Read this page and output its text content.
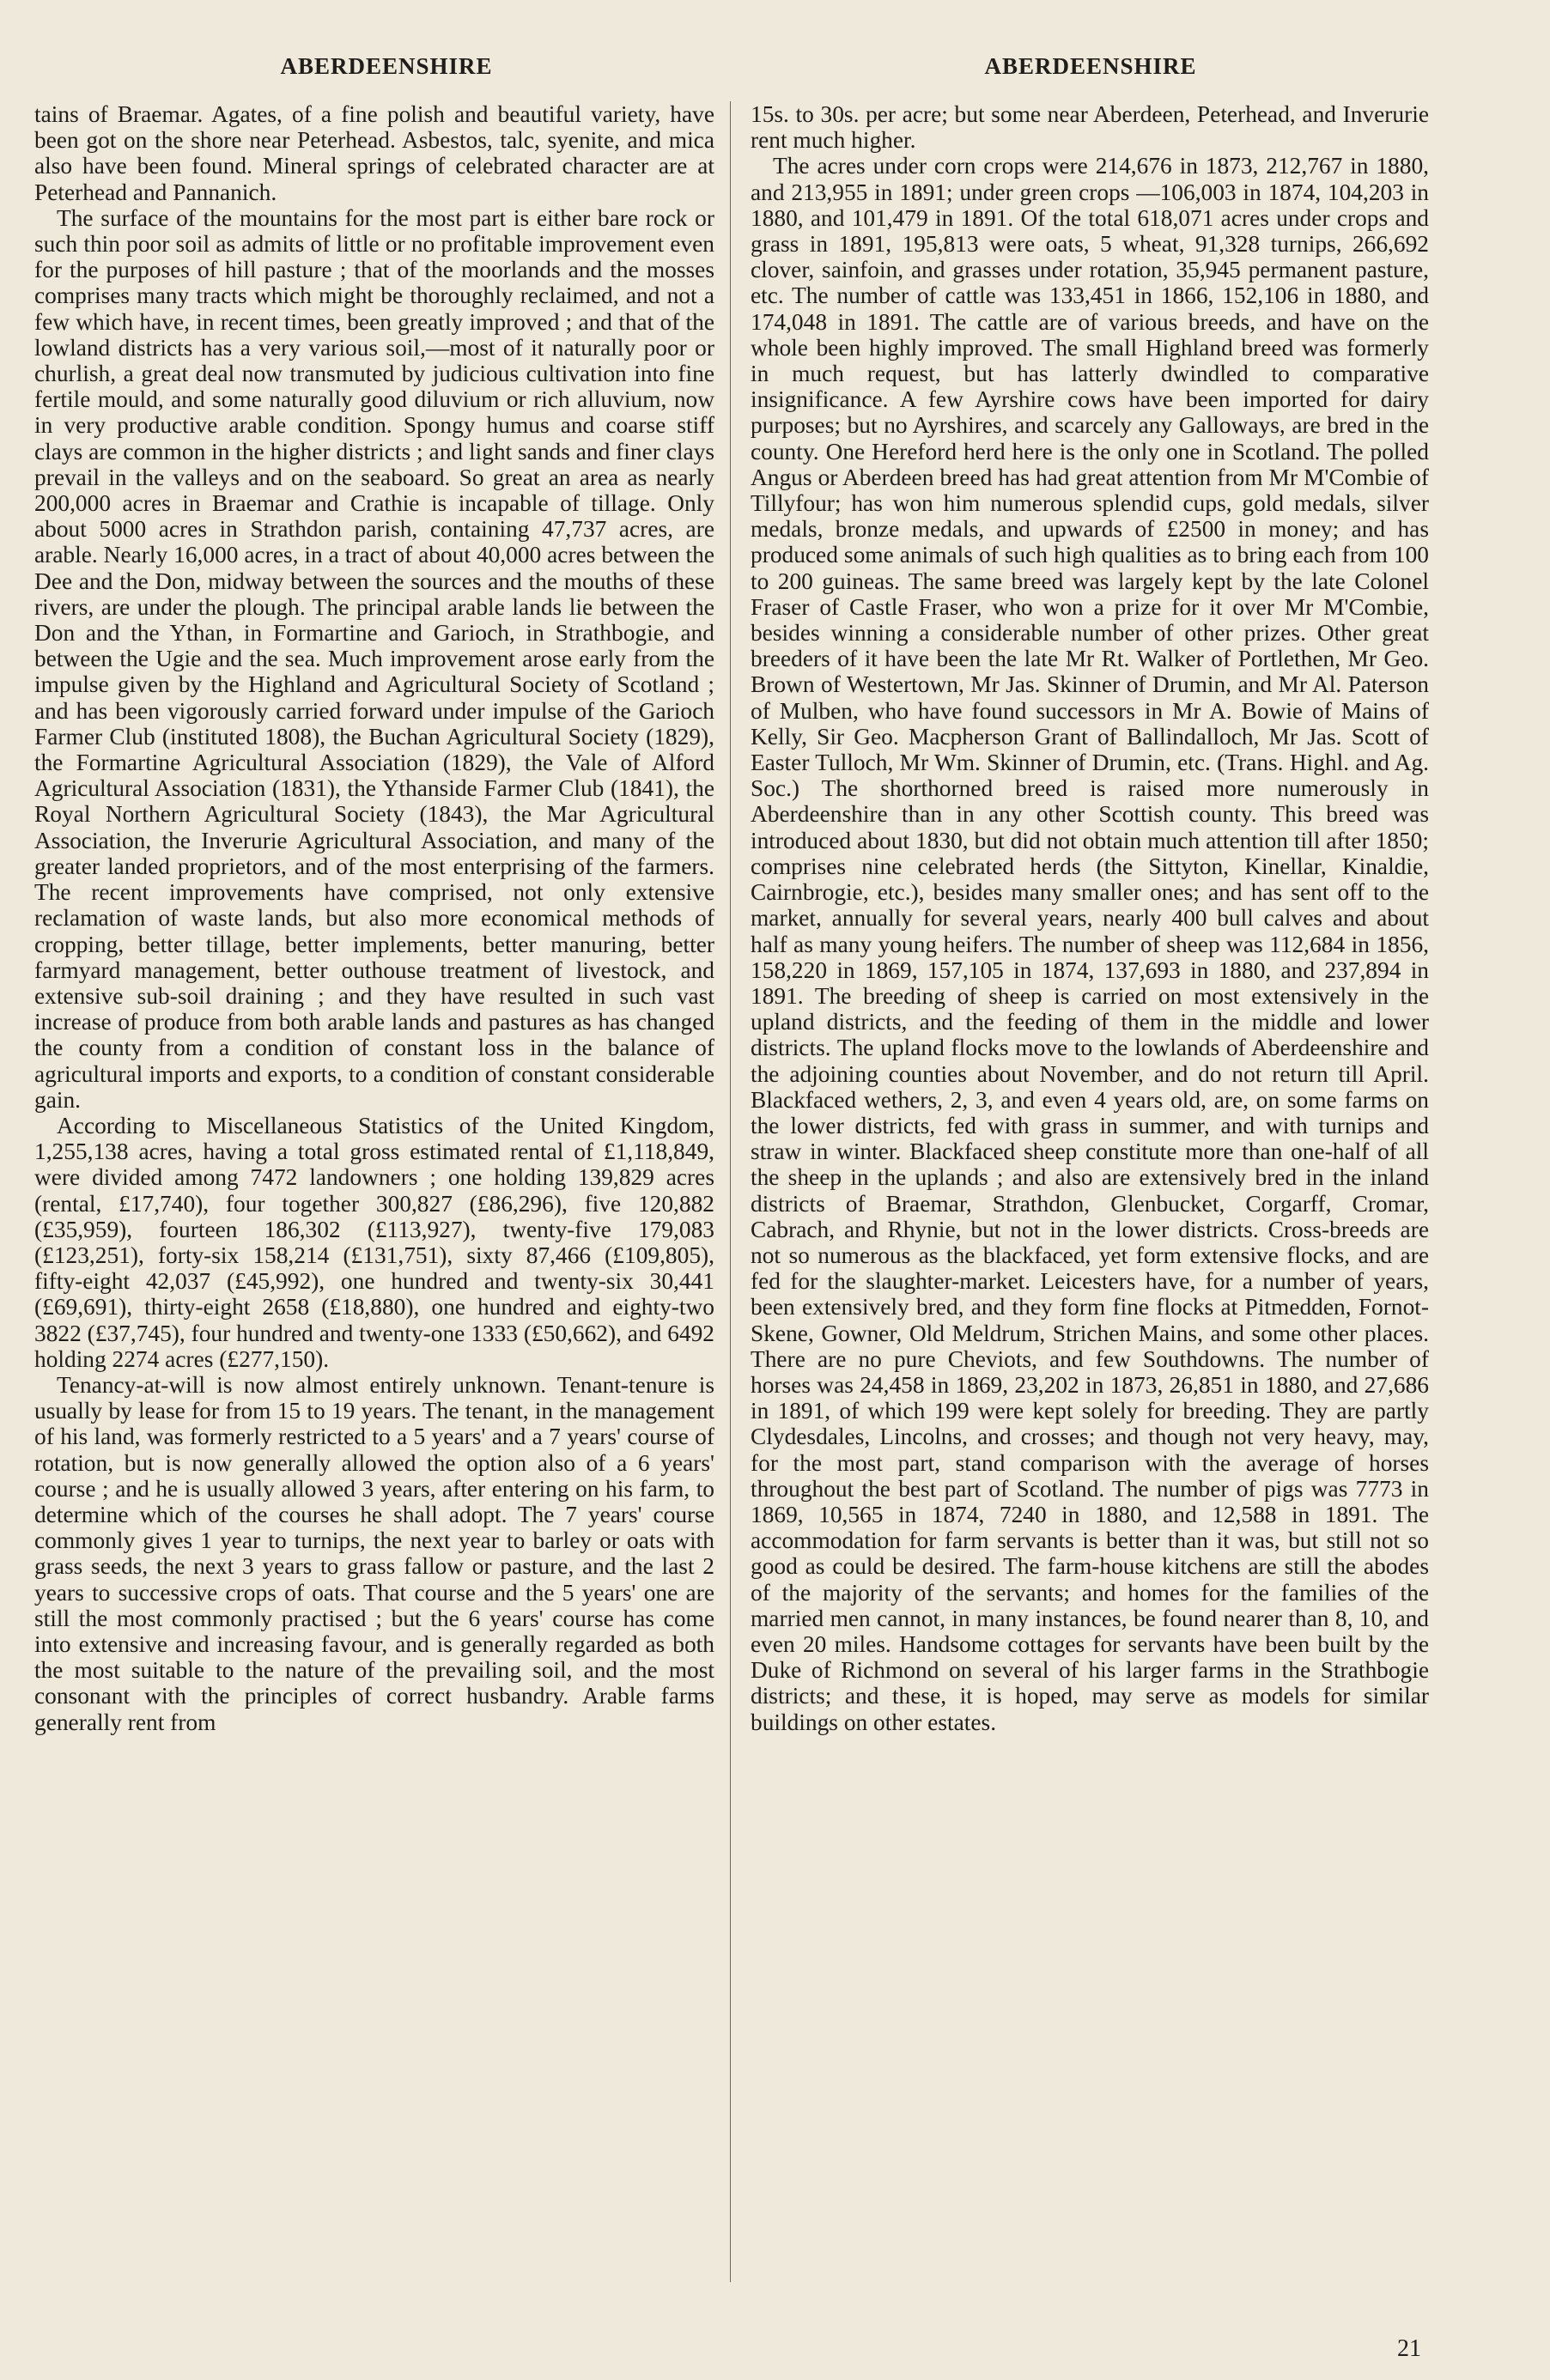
ABERDEENSHIRE	ABERDEENSHIRE

tains of Braemar. Agates, of a fine polish and beautiful variety, have been got on the shore near Peterhead. Asbestos, talc, syenite, and mica also have been found. Mineral springs of celebrated character are at Peterhead and Pannanich.

The surface of the mountains for the most part is either bare rock or such thin poor soil as admits of little or no profitable improvement even for the purposes of hill pasture ; that of the moorlands and the mosses comprises many tracts which might be thoroughly reclaimed, and not a few which have, in recent times, been greatly improved ; and that of the lowland districts has a very various soil,—most of it naturally poor or churlish, a great deal now transmuted by judicious cultivation into fine fertile mould, and some naturally good diluvium or rich alluvium, now in very productive arable condition. Spongy humus and coarse stiff clays are common in the higher districts ; and light sands and finer clays prevail in the valleys and on the seaboard. So great an area as nearly 200,000 acres in Braemar and Crathie is incapable of tillage. Only about 5000 acres in Strathdon parish, containing 47,737 acres, are arable. Nearly 16,000 acres, in a tract of about 40,000 acres between the Dee and the Don, midway between the sources and the mouths of these rivers, are under the plough. The principal arable lands lie between the Don and the Ythan, in Formartine and Garioch, in Strathbogie, and between the Ugie and the sea. Much improvement arose early from the impulse given by the Highland and Agricultural Society of Scotland ; and has been vigorously carried forward under impulse of the Garioch Farmer Club (instituted 1808), the Buchan Agricultural Society (1829), the Formartine Agricultural Association (1829), the Vale of Alford Agricultural Association (1831), the Ythanside Farmer Club (1841), the Royal Northern Agricultural Society (1843), the Mar Agricultural Association, the Inverurie Agricultural Association, and many of the greater landed proprietors, and of the most enterprising of the farmers. The recent improvements have comprised, not only extensive reclamation of waste lands, but also more economical methods of cropping, better tillage, better implements, better manuring, better farmyard management, better outhouse treatment of livestock, and extensive sub-soil draining ; and they have resulted in such vast increase of produce from both arable lands and pastures as has changed the county from a condition of constant loss in the balance of agricultural imports and exports, to a condition of constant considerable gain.

According to Miscellaneous Statistics of the United Kingdom, 1,255,138 acres, having a total gross estimated rental of £1,118,849, were divided among 7472 landowners ; one holding 139,829 acres (rental, £17,740), four together 300,827 (£86,296), five 120,882 (£35,959), fourteen 186,302 (£113,927), twenty-five 179,083 (£123,251), forty-six 158,214 (£131,751), sixty 87,466 (£109,805), fifty-eight 42,037 (£45,992), one hundred and twenty-six 30,441 (£69,691), thirty-eight 2658 (£18,880), one hundred and eighty-two 3822 (£37,745), four hundred and twenty-one 1333 (£50,662), and 6492 holding 2274 acres (£277,150).

Tenancy-at-will is now almost entirely unknown. Tenant-tenure is usually by lease for from 15 to 19 years. The tenant, in the management of his land, was formerly restricted to a 5 years' and a 7 years' course of rotation, but is now generally allowed the option also of a 6 years' course ; and he is usually allowed 3 years, after entering on his farm, to determine which of the courses he shall adopt. The 7 years' course commonly gives 1 year to turnips, the next year to barley or oats with grass seeds, the next 3 years to grass fallow or pasture, and the last 2 years to successive crops of oats. That course and the 5 years' one are still the most commonly practised ; but the 6 years' course has come into extensive and increasing favour, and is generally regarded as both the most suitable to the nature of the prevailing soil, and the most consonant with the principles of correct husbandry. Arable farms generally rent from

15s. to 30s. per acre; but some near Aberdeen, Peterhead, and Inverurie rent much higher.

The acres under corn crops were 214,676 in 1873, 212,767 in 1880, and 213,955 in 1891; under green crops —106,003 in 1874, 104,203 in 1880, and 101,479 in 1891. Of the total 618,071 acres under crops and grass in 1891, 195,813 were oats, 5 wheat, 91,328 turnips, 266,692 clover, sainfoin, and grasses under rotation, 35,945 permanent pasture, etc. The number of cattle was 133,451 in 1866, 152,106 in 1880, and 174,048 in 1891. The cattle are of various breeds, and have on the whole been highly improved. The small Highland breed was formerly in much request, but has latterly dwindled to comparative insignificance. A few Ayrshire cows have been imported for dairy purposes; but no Ayrshires, and scarcely any Galloways, are bred in the county. One Hereford herd here is the only one in Scotland. The polled Angus or Aberdeen breed has had great attention from Mr M'Combie of Tillyfour; has won him numerous splendid cups, gold medals, silver medals, bronze medals, and upwards of £2500 in money; and has produced some animals of such high qualities as to bring each from 100 to 200 guineas. The same breed was largely kept by the late Colonel Fraser of Castle Fraser, who won a prize for it over Mr M'Combie, besides winning a considerable number of other prizes. Other great breeders of it have been the late Mr Rt. Walker of Portlethen, Mr Geo. Brown of Westertown, Mr Jas. Skinner of Drumin, and Mr Al. Paterson of Mulben, who have found successors in Mr A. Bowie of Mains of Kelly, Sir Geo. Macpherson Grant of Ballindalloch, Mr Jas. Scott of Easter Tulloch, Mr Wm. Skinner of Drumin, etc. (Trans. Highl. and Ag. Soc.) The shorthorned breed is raised more numerously in Aberdeenshire than in any other Scottish county. This breed was introduced about 1830, but did not obtain much attention till after 1850; comprises nine celebrated herds (the Sittyton, Kinellar, Kinaldie, Cairnbrogie, etc.), besides many smaller ones; and has sent off to the market, annually for several years, nearly 400 bull calves and about half as many young heifers. The number of sheep was 112,684 in 1856, 158,220 in 1869, 157,105 in 1874, 137,693 in 1880, and 237,894 in 1891. The breeding of sheep is carried on most extensively in the upland districts, and the feeding of them in the middle and lower districts. The upland flocks move to the lowlands of Aberdeenshire and the adjoining counties about November, and do not return till April. Blackfaced wethers, 2, 3, and even 4 years old, are, on some farms on the lower districts, fed with grass in summer, and with turnips and straw in winter. Blackfaced sheep constitute more than one-half of all the sheep in the uplands ; and also are extensively bred in the inland districts of Braemar, Strathdon, Glenbucket, Corgarff, Cromar, Cabrach, and Rhynie, but not in the lower districts. Cross-breeds are not so numerous as the blackfaced, yet form extensive flocks, and are fed for the slaughter-market. Leicesters have, for a number of years, been extensively bred, and they form fine flocks at Pitmedden, Fornot-Skene, Gowner, Old Meldrum, Strichen Mains, and some other places. There are no pure Cheviots, and few Southdowns. The number of horses was 24,458 in 1869, 23,202 in 1873, 26,851 in 1880, and 27,686 in 1891, of which 199 were kept solely for breeding. They are partly Clydesdales, Lincolns, and crosses; and though not very heavy, may, for the most part, stand comparison with the average of horses throughout the best part of Scotland. The number of pigs was 7773 in 1869, 10,565 in 1874, 7240 in 1880, and 12,588 in 1891. The accommodation for farm servants is better than it was, but still not so good as could be desired. The farm-house kitchens are still the abodes of the majority of the servants; and homes for the families of the married men cannot, in many instances, be found nearer than 8, 10, and even 20 miles. Handsome cottages for servants have been built by the Duke of Richmond on several of his larger farms in the Strathbogie districts; and these, it is hoped, may serve as models for similar buildings on other estates.

21
